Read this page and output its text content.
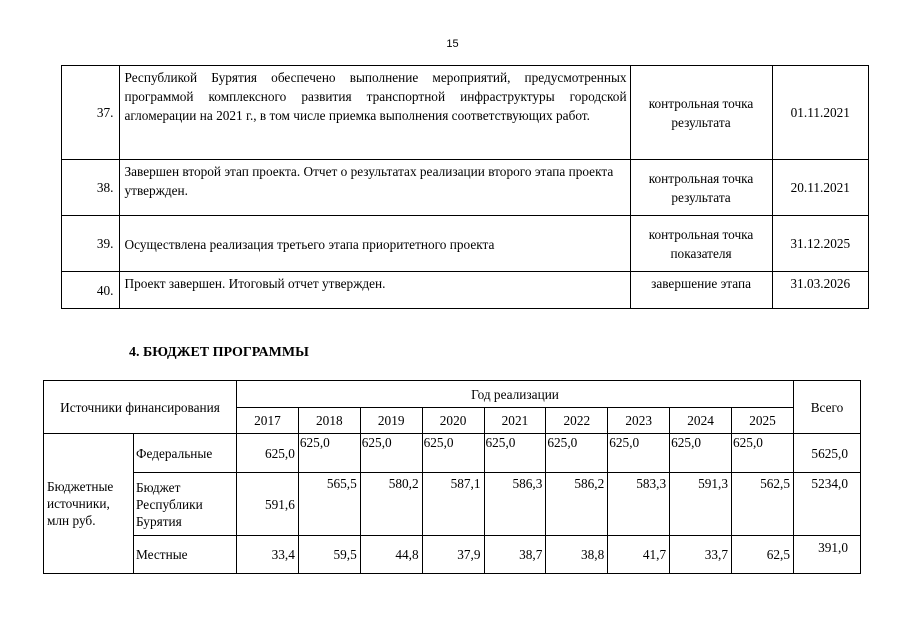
15
37.	Республикой Бурятия обеспечено выполнение мероприятий, предусмотренных программой комплексного развития транспортной инфраструктуры городской агломерации на 2021 г., в том числе приемка выполнения соответствующих работ.	контрольная точка результата	01.11.2021
38.	Завершен второй этап проекта. Отчет о результатах реализации второго этапа проекта утвержден.	контрольная точка результата	20.11.2021
39.	Осуществлена реализация третьего этапа приоритетного проекта	контрольная точка показателя	31.12.2025
40.	Проект завершен. Итоговый отчет утвержден.	завершение этапа	31.03.2026
4. БЮДЖЕТ ПРОГРАММЫ
Источники финансирования		Год реализации									Всего
		2017	2018	2019	2020	2021	2022	2023	2024	2025	
Бюджетные источники, млн руб.	Федеральные	625,0	625,0	625,0	625,0	625,0	625,0	625,0	625,0	625,0	5625,0
	Бюджет Республики Бурятия	591,6	565,5	580,2	587,1	586,3	586,2	583,3	591,3	562,5	5234,0
	Местные	33,4	59,5	44,8	37,9	38,7	38,8	41,7	33,7	62,5	391,0
